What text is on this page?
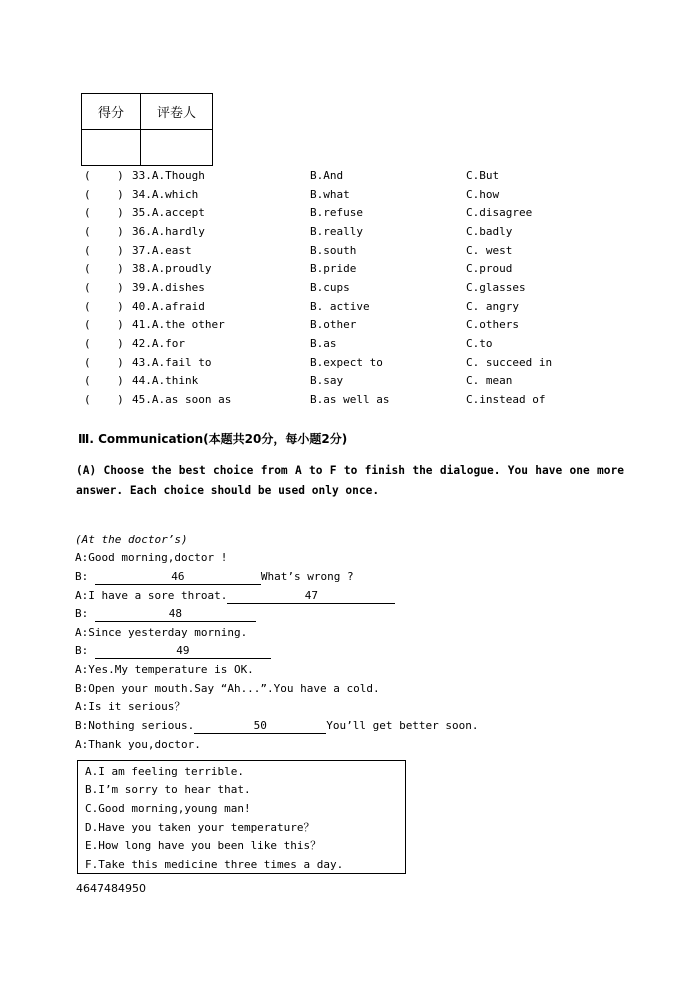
得分	评卷人

(    ) 33.A.Though	B.And	C.But
(    ) 34.A.which	B.what	C.how
(    ) 35.A.accept	B.refuse	C.disagree
(    ) 36.A.hardly	B.really	C.badly
(    ) 37.A.east	B.south	C. west
(    ) 38.A.proudly	B.pride	C.proud
(    ) 39.A.dishes	B.cups	C.glasses
(    ) 40.A.afraid	B. active	C. angry
(    ) 41.A.the other	B.other	C.others
(    ) 42.A.for	B.as	C.to
(    ) 43.A.fail to	B.expect to	C. succeed in
(    ) 44.A.think	B.say	C. mean
(    ) 45.A.as soon as	B.as well as	C.instead of
Ⅲ. Communication(本题共20分，每小题2分)
(A) Choose the best choice from A to F to finish the dialogue. You have one more answer. Each choice should be used only once.
(At the doctor’s)
A:Good morning,doctor !
B:	46	What’s wrong ?
A:I have a sore throat.	47
B:	48
A:Since yesterday morning.
B:	49
A:Yes.My temperature is OK.
B:Open your mouth.Say “Ah...”.You have a cold.
A:Is it serious？
B:Nothing serious.	50	You’ll get better soon.
A:Thank you,doctor.
A.I am feeling terrible.
B.I’m sorry to hear that.
C.Good morning,young man!
D.Have you taken your temperature？
E.How long have you been like this？
F.Take this medicine three times a day.
4647484950
